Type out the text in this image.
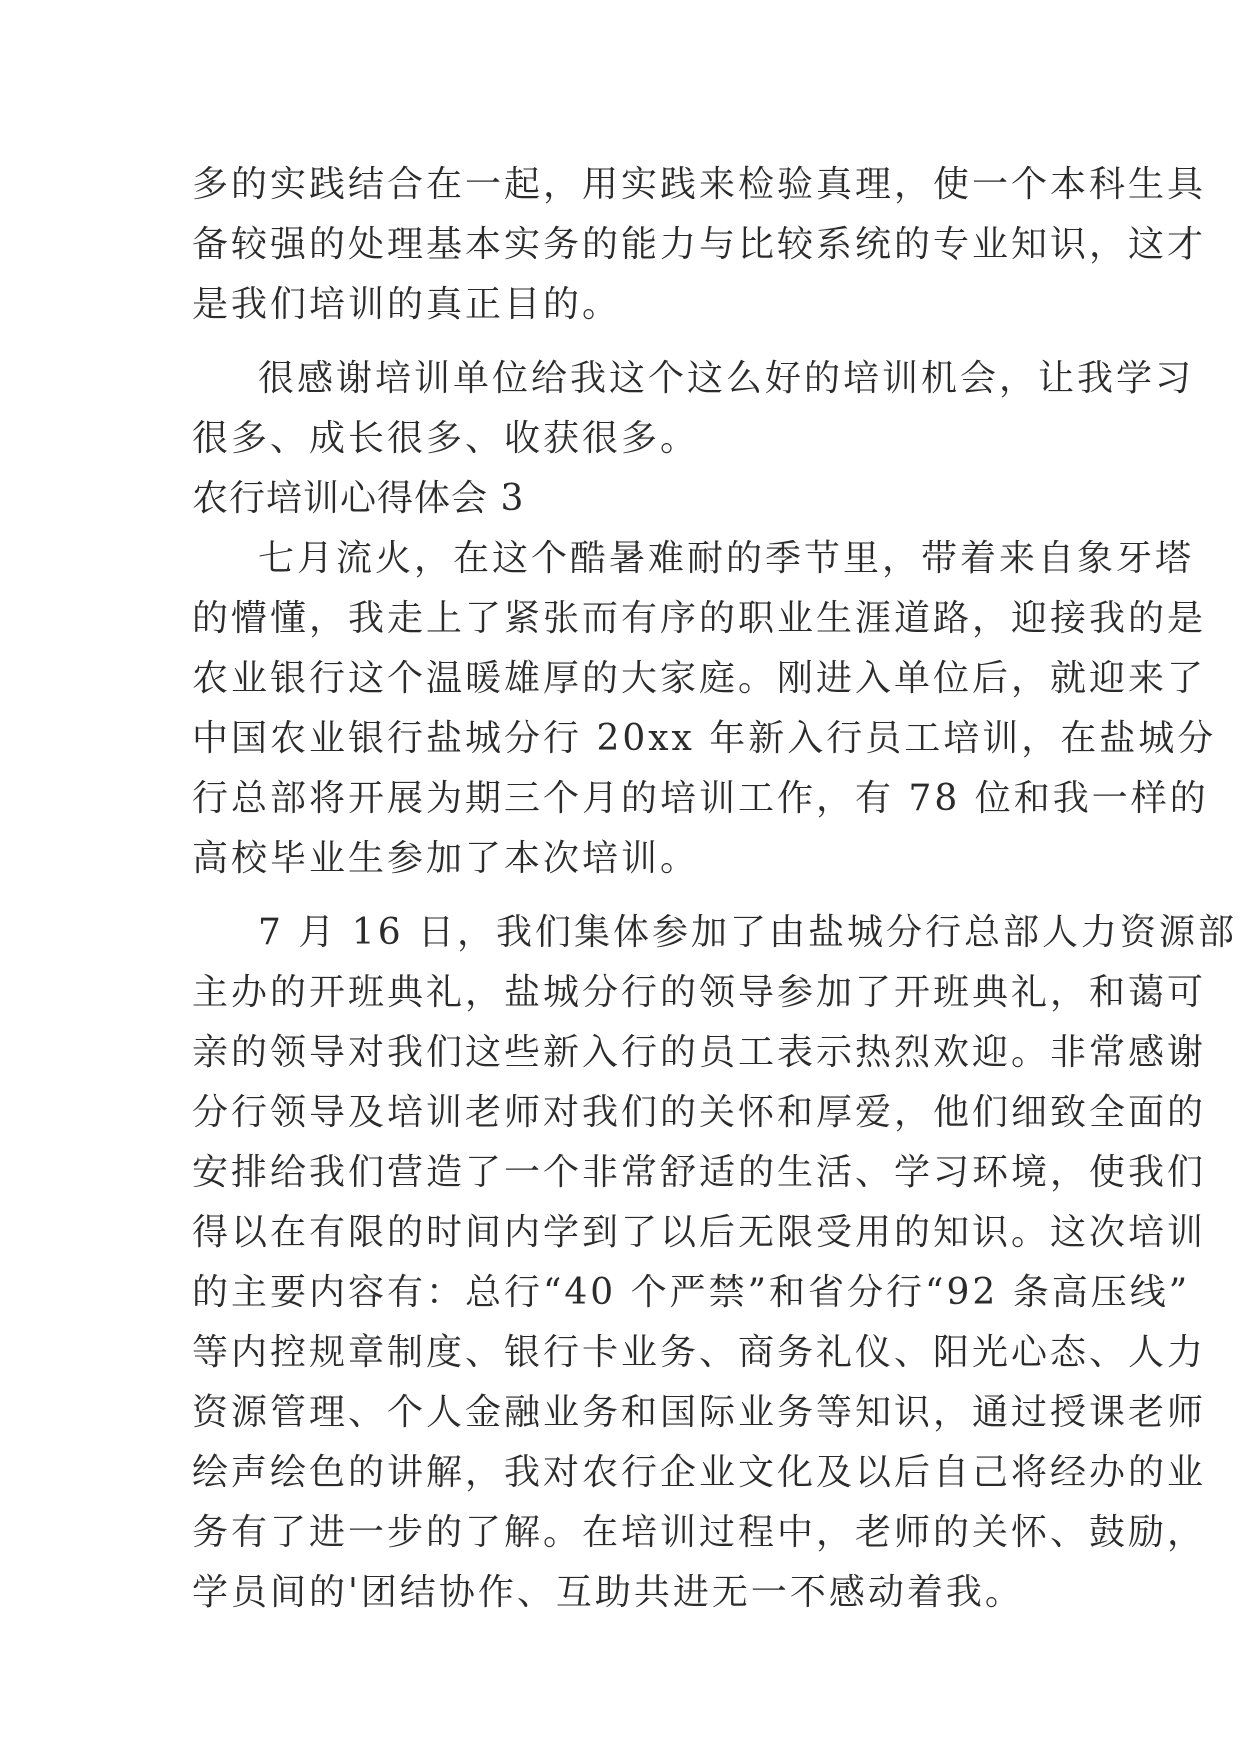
多的实践结合在一起，用实践来检验真理，使一个本科生具
备较强的处理基本实务的能力与比较系统的专业知识，这才
是我们培训的真正目的。
很感谢培训单位给我这个这么好的培训机会，让我学习
很多、成长很多、收获很多。
农行培训心得体会 3
七月流火，在这个酷暑难耐的季节里，带着来自象牙塔
的懵懂，我走上了紧张而有序的职业生涯道路，迎接我的是
农业银行这个温暖雄厚的大家庭。刚进入单位后，就迎来了
中国农业银行盐城分行 20xx 年新入行员工培训，在盐城分
行总部将开展为期三个月的培训工作，有 78 位和我一样的
高校毕业生参加了本次培训。
7 月 16 日，我们集体参加了由盐城分行总部人力资源部
主办的开班典礼，盐城分行的领导参加了开班典礼，和蔼可
亲的领导对我们这些新入行的员工表示热烈欢迎。非常感谢
分行领导及培训老师对我们的关怀和厚爱，他们细致全面的
安排给我们营造了一个非常舒适的生活、学习环境，使我们
得以在有限的时间内学到了以后无限受用的知识。这次培训
的主要内容有：总行“40 个严禁”和省分行“92 条高压线”
等内控规章制度、银行卡业务、商务礼仪、阳光心态、人力
资源管理、个人金融业务和国际业务等知识，通过授课老师
绘声绘色的讲解，我对农行企业文化及以后自己将经办的业
务有了进一步的了解。在培训过程中，老师的关怀、鼓励，
学员间的'团结协作、互助共进无一不感动着我。
